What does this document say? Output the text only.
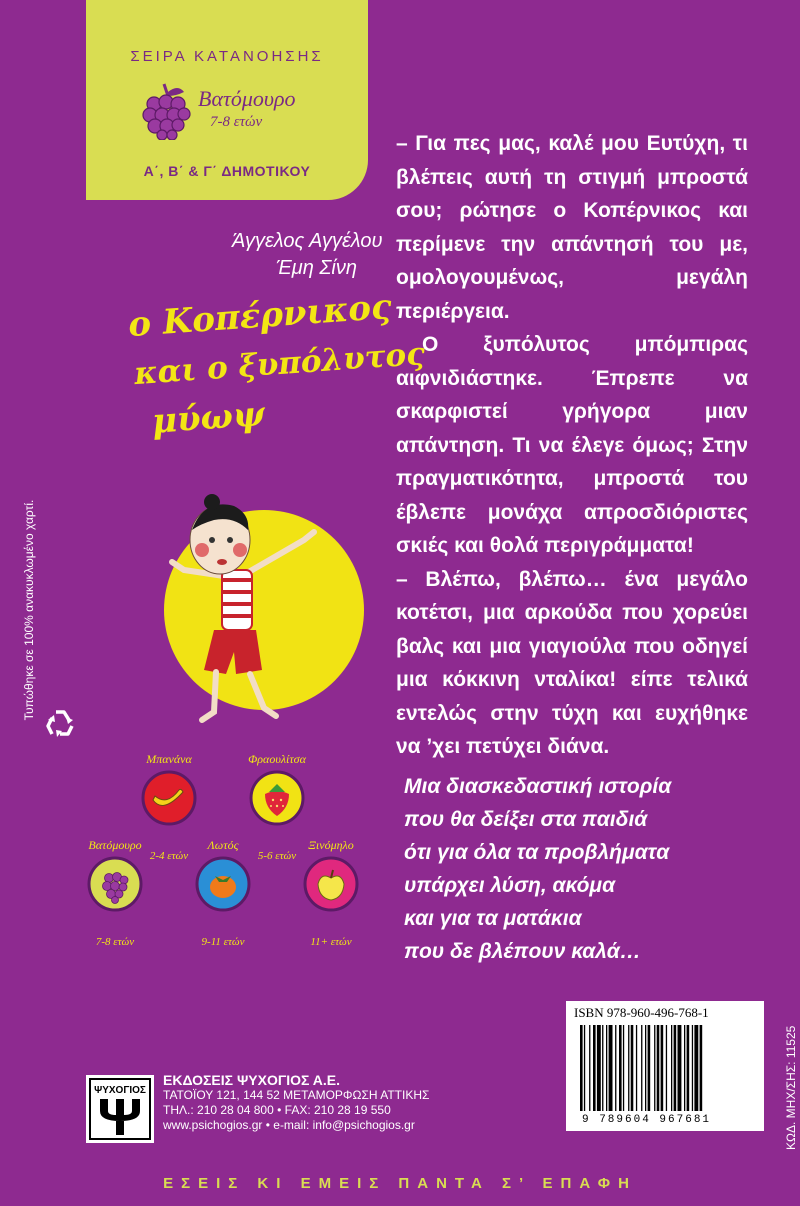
ΣΕΙΡΑ ΚΑΤΑΝΟΗΣΗΣ
Βατόμουρο
7-8 ετών
Α΄, Β΄ & Γ΄ ΔΗΜΟΤΙΚΟΥ
Άγγελος Αγγέλου
Έμη Σίνη
ο Κοπέρνικος
και ο ξυπόλυτος
μύωψ
Τυπώθηκε σε 100% ανακυκλωμένο χαρτί.
Μπανάνα
2-4 ετών
Φραουλίτσα
5-6 ετών
Βατόμουρο
7-8 ετών
Λωτός
9-11 ετών
Ξινόμηλο
11+ ετών

– Για πες μας, καλέ μου Ευτύχη, τι βλέπεις αυτή τη στιγμή μπροστά σου; ρώτησε ο Κοπέρνικος και περίμενε την απάντησή του με, ομολογουμένως, μεγάλη περιέργεια.

Ο ξυπόλυτος μπόμπιρας αιφνιδιάστηκε. Έπρεπε να σκαρφιστεί γρήγορα μιαν απάντηση. Τι να έλεγε όμως; Στην πραγματικότητα, μπροστά του έβλεπε μονάχα απροσδιόριστες σκιές και θολά περιγράμματα!

– Βλέπω, βλέπω… ένα μεγάλο κοτέτσι, μια αρκούδα που χορεύει βαλς και μια γιαγιούλα που οδηγεί μια κόκκινη νταλίκα! είπε τελικά εντελώς στην τύχη και ευχήθηκε να ’χει πετύχει διάνα.

Μια διασκεδαστική ιστορία
που θα δείξει στα παιδιά
ότι για όλα τα προβλήματα
υπάρχει λύση, ακόμα
και για τα ματάκια
που δε βλέπουν καλά…
ISBN 978-960-496-768-1
9 789604 967681	ΚΩΔ. ΜΗΧ/ΣΗΣ: 11525
ΨΥΧΟΓΙΟΣ
ΕΚΔΟΣΕΙΣ ΨΥΧΟΓΙΟΣ Α.Ε.
ΤΑΤΟΪΟΥ 121, 144 52 ΜΕΤΑΜΟΡΦΩΣΗ ΑΤΤΙΚΗΣ
ΤΗΛ.: 210 28 04 800 • FAX: 210 28 19 550
www.psichogios.gr • e-mail: info@psichogios.gr
ΕΣΕΙΣ ΚΙ ΕΜΕΙΣ ΠΑΝΤΑ Σ’ ΕΠΑΦΗ
